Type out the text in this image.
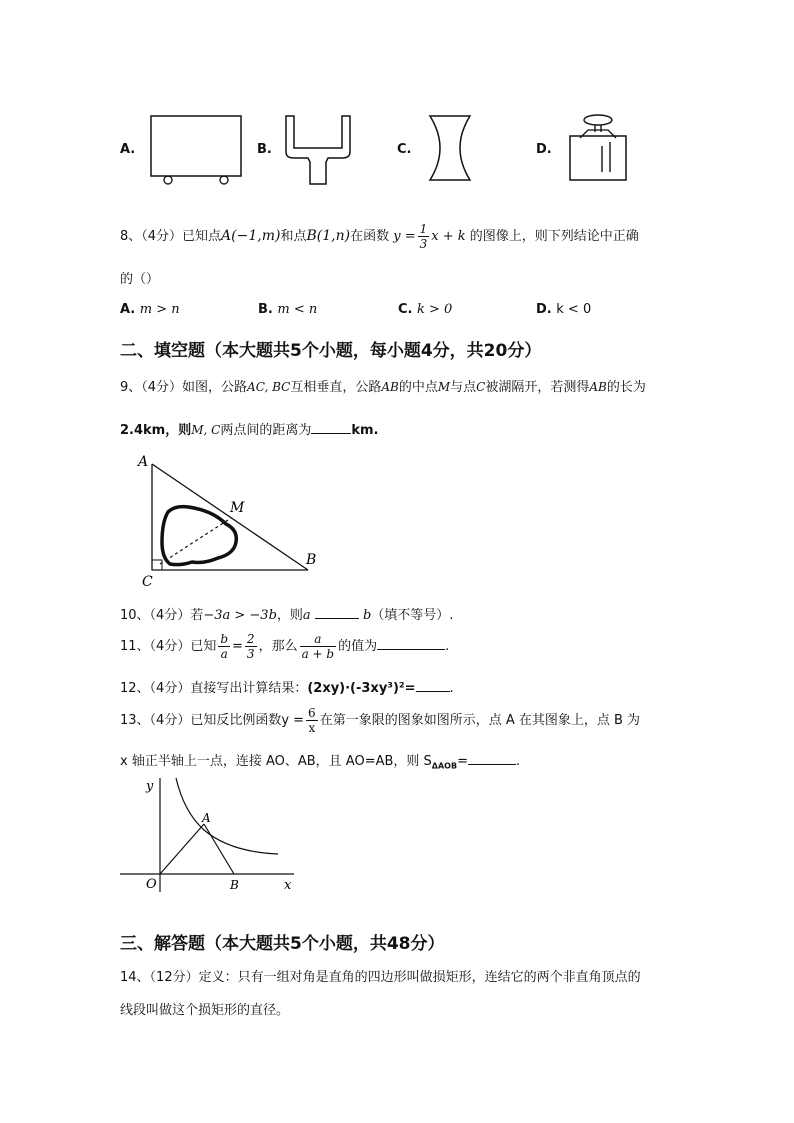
A.	B.	C.	D.
8、（4分）已知点A(−1,m)和点B(1,n)在函数 $y = \frac{1}{3}$ x + k 的图像上，则下列结论中正确
的（）
A. m > n	B. m < n	C. k > 0	D. k < 0
二、填空题（本大题共5个小题，每小题4分，共20分）
9、（4分）如图，公路AC, BC互相垂直，公路AB的中点M与点C被湖隔开，若测得AB的长为
2.4km，则M, C两点间的距离为	km.
A
M
B
C
10、（4分）若−3a > −3b，则a	b（填不等号）.
11、（4分）已知 $\frac{b}{a} = \frac{2}{3}$ ，那么 $\frac{a}{a + b}$ 的值为	.
12、（4分）直接写出计算结果：(2xy)·(-3xy³)²=	.
13、（4分）已知反比例函数$y = \frac{6}{x}$ 在第一象限的图象如图所示，点 A 在其图象上，点 B 为
x 轴正半轴上一点，连接 AO、AB，且 AO=AB，则 $S_{\Delta AOB}=$	.
y
x
O
A
B
三、解答题（本大题共5个小题，共48分）
14、（12分）定义：只有一组对角是直角的四边形叫做损矩形，连结它的两个非直角顶点的
线段叫做这个损矩形的直径。
